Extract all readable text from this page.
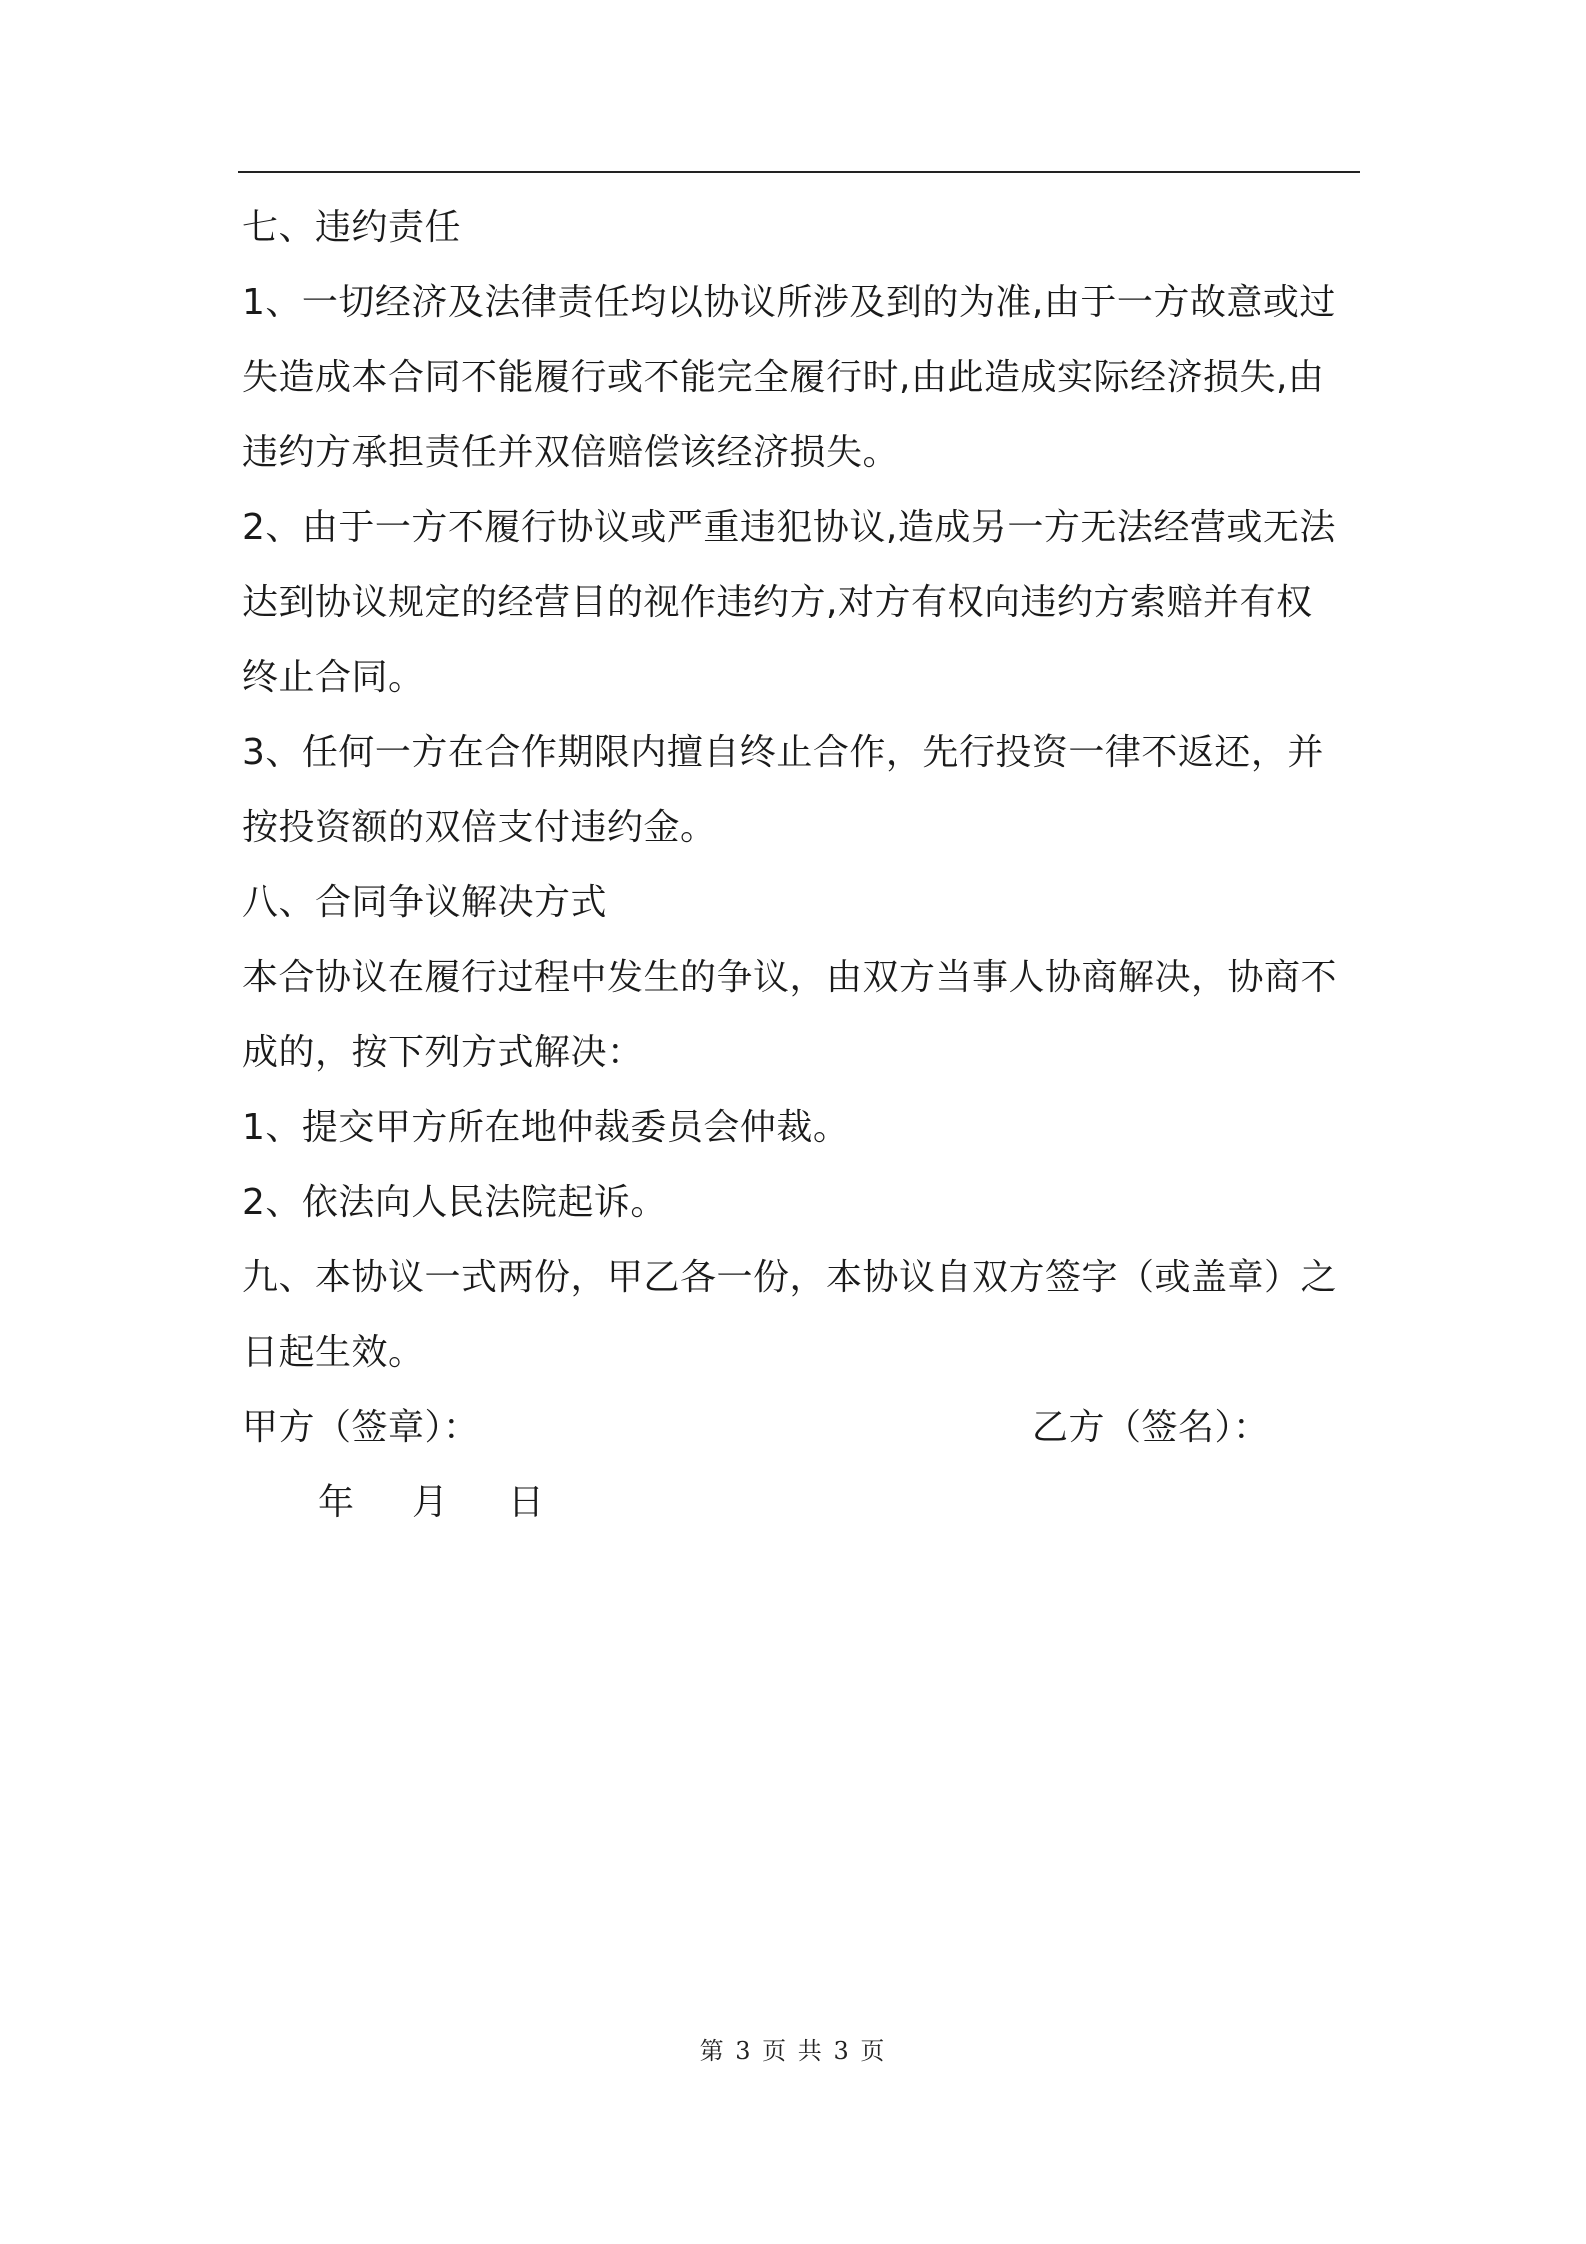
七、违约责任
1、一切经济及法律责任均以协议所涉及到的为准,由于一方故意或过
失造成本合同不能履行或不能完全履行时,由此造成实际经济损失,由
违约方承担责任并双倍赔偿该经济损失。
2、由于一方不履行协议或严重违犯协议,造成另一方无法经营或无法
达到协议规定的经营目的视作违约方,对方有权向违约方索赔并有权
终止合同。
3、任何一方在合作期限内擅自终止合作，先行投资一律不返还，并
按投资额的双倍支付违约金。
八、合同争议解决方式
本合协议在履行过程中发生的争议，由双方当事人协商解决，协商不
成的，按下列方式解决：
1、提交甲方所在地仲裁委员会仲裁。
2、依法向人民法院起诉。
九、本协议一式两份，甲乙各一份，本协议自双方签字（或盖章）之
日起生效。
甲方（签章）：	乙方（签名）：
年 月 日
第 3 页 共 3 页
